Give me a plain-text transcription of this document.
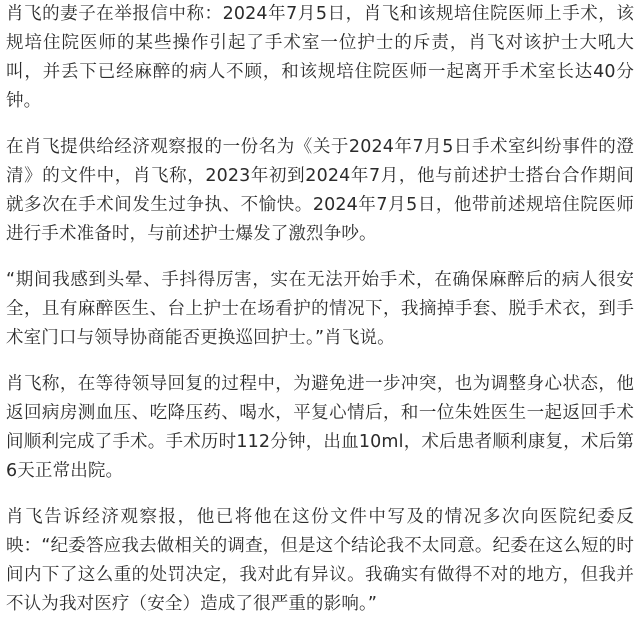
肖飞的妻子在举报信中称：2024年7月5日，肖飞和该规培住院医师上手术，该规培住院医师的某些操作引起了手术室一位护士的斥责，肖飞对该护士大吼大叫，并丢下已经麻醉的病人不顾，和该规培住院医师一起离开手术室长达40分钟。

在肖飞提供给经济观察报的一份名为《关于2024年7月5日手术室纠纷事件的澄清》的文件中，肖飞称，2023年初到2024年7月，他与前述护士搭台合作期间就多次在手术间发生过争执、不愉快。2024年7月5日，他带前述规培住院医师进行手术准备时，与前述护士爆发了激烈争吵。

“期间我感到头晕、手抖得厉害，实在无法开始手术，在确保麻醉后的病人很安全，且有麻醉医生、台上护士在场看护的情况下，我摘掉手套、脱手术衣，到手术室门口与领导协商能否更换巡回护士。”肖飞说。

肖飞称，在等待领导回复的过程中，为避免进一步冲突，也为调整身心状态，他返回病房测血压、吃降压药、喝水，平复心情后，和一位朱姓医生一起返回手术间顺利完成了手术。手术历时112分钟，出血10ml，术后患者顺利康复，术后第6天正常出院。

肖飞告诉经济观察报，他已将他在这份文件中写及的情况多次向医院纪委反映：“纪委答应我去做相关的调查，但是这个结论我不太同意。纪委在这么短的时间内下了这么重的处罚决定，我对此有异议。我确实有做得不对的地方，但我并不认为我对医疗（安全）造成了很严重的影响。”
